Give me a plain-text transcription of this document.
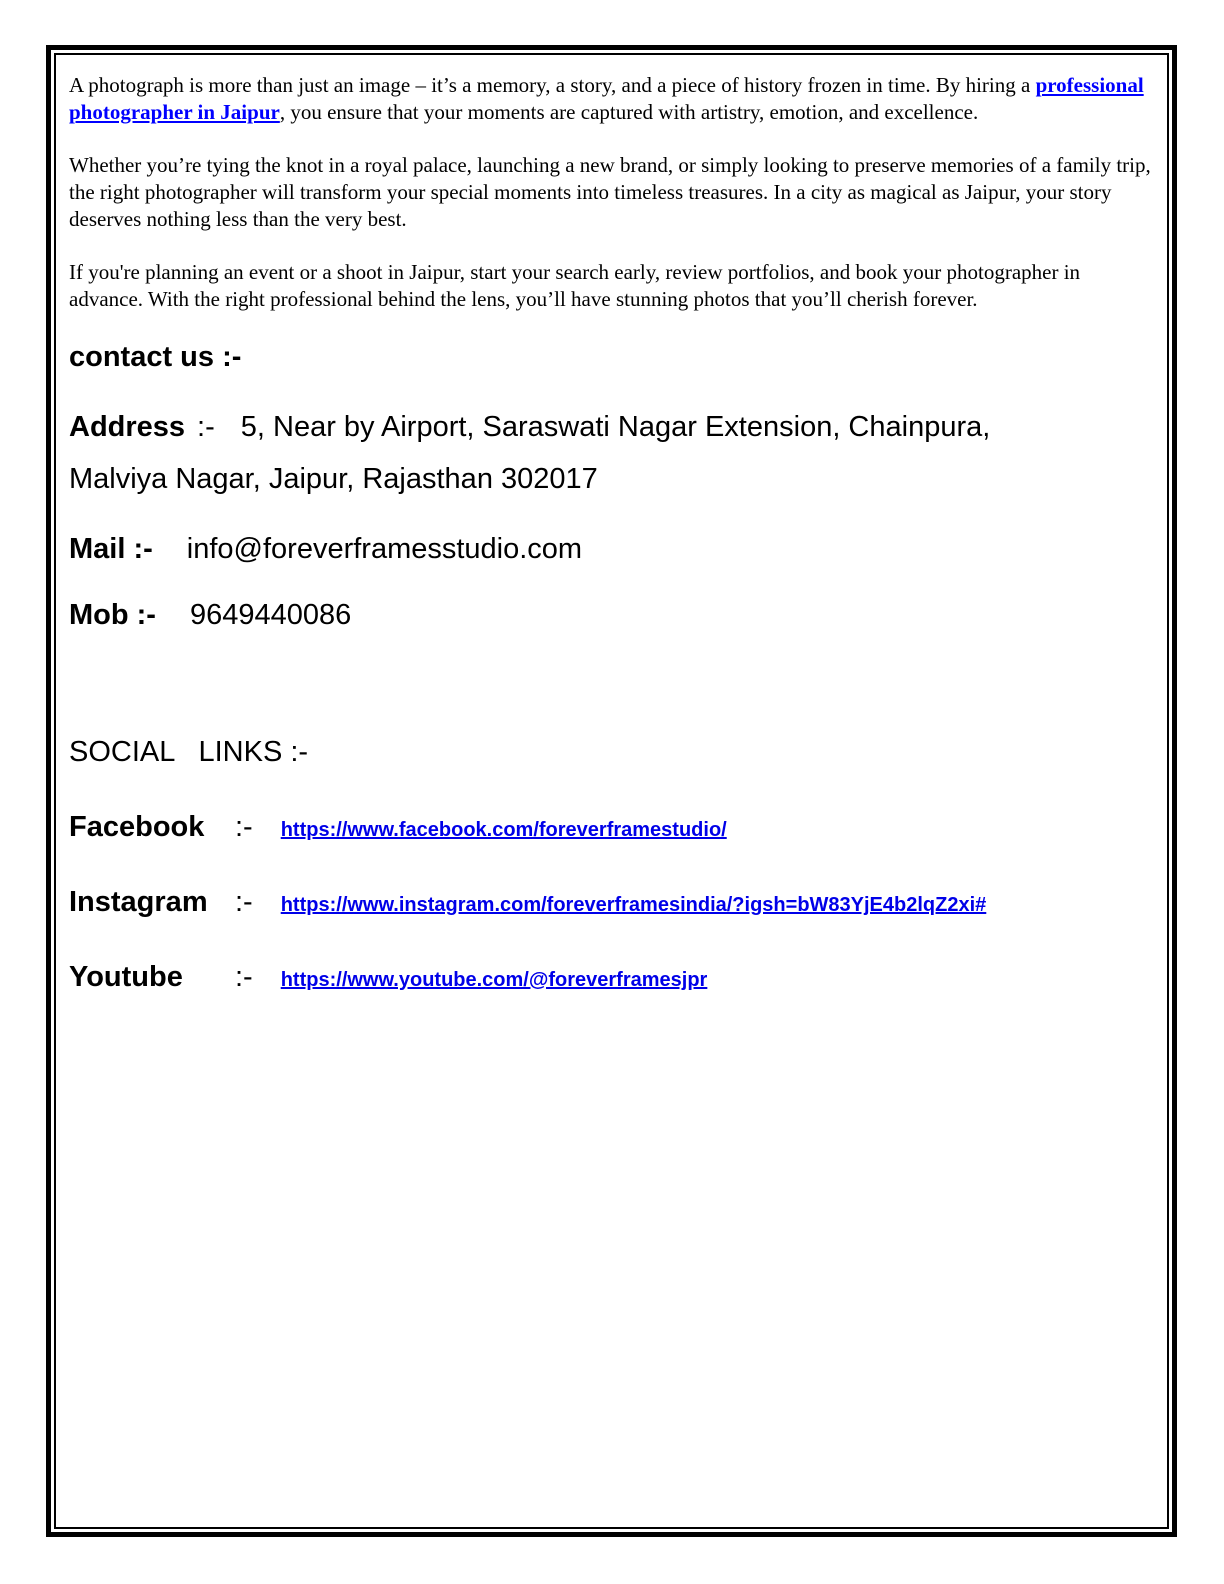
A photograph is more than just an image – it’s a memory, a story, and a piece of history frozen in time. By hiring a professional photographer in Jaipur, you ensure that your moments are captured with artistry, emotion, and excellence.

Whether you’re tying the knot in a royal palace, launching a new brand, or simply looking to preserve memories of a family trip, the right photographer will transform your special moments into timeless treasures. In a city as magical as Jaipur, your story deserves nothing less than the very best.

If you're planning an event or a shoot in Jaipur, start your search early, review portfolios, and book your photographer in advance. With the right professional behind the lens, you’ll have stunning photos that you’ll cherish forever.

contact us :-

Address :- 5, Near by Airport, Saraswati Nagar Extension, Chainpura,
Malviya Nagar, Jaipur, Rajasthan 302017

Mail :- info@foreverframesstudio.com

Mob :- 9649440086

SOCIAL   LINKS :-

Facebook :- https://www.facebook.com/foreverframestudio/

Instagram :- https://www.instagram.com/foreverframesindia/?igsh=bW83YjE4b2lqZ2xi#

Youtube :- https://www.youtube.com/@foreverframesjpr
